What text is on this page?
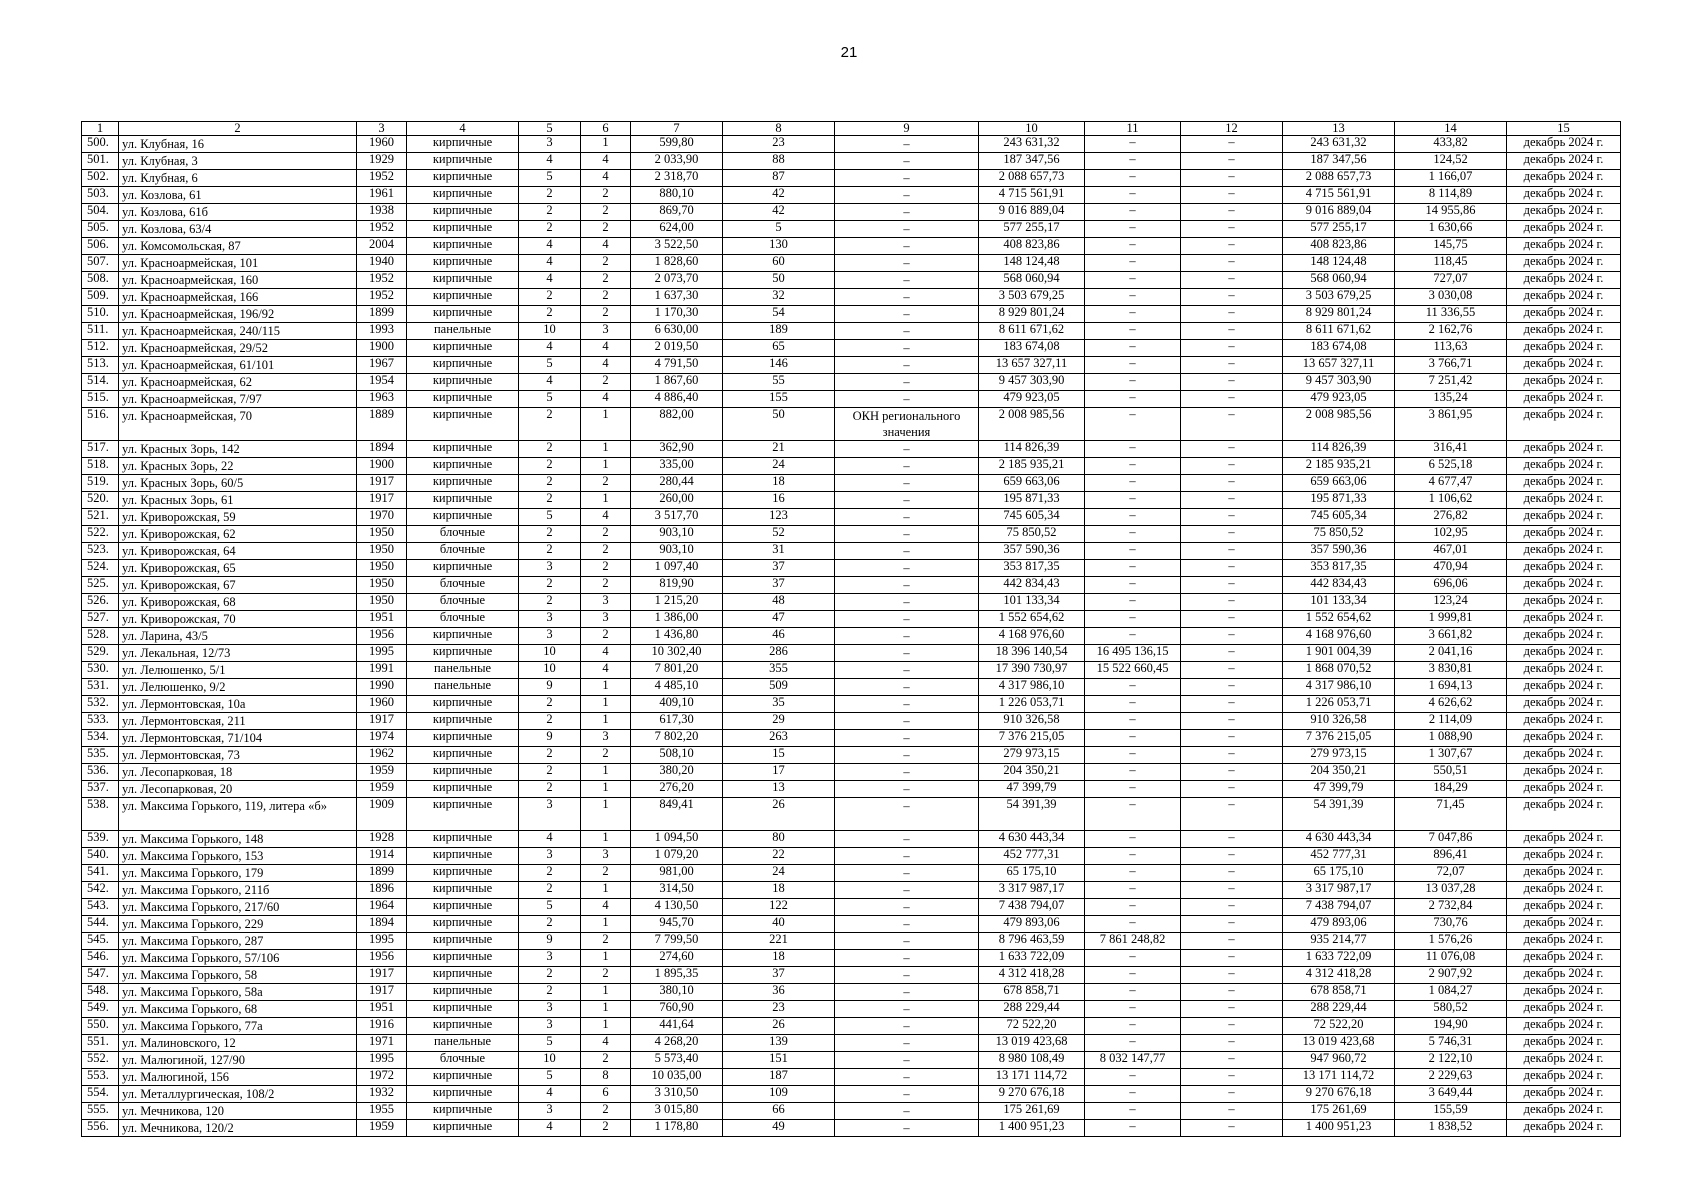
21
1	2	3	4	5	6	7	8	9	10	11	12	13	14	15
500.	ул. Клубная, 16	1960	кирпичные	3	1	599,80	23	–	243 631,32	–	–	243 631,32	433,82	декабрь 2024 г.
501.	ул. Клубная, 3	1929	кирпичные	4	4	2 033,90	88	–	187 347,56	–	–	187 347,56	124,52	декабрь 2024 г.
502.	ул. Клубная, 6	1952	кирпичные	5	4	2 318,70	87	–	2 088 657,73	–	–	2 088 657,73	1 166,07	декабрь 2024 г.
503.	ул. Козлова, 61	1961	кирпичные	2	2	880,10	42	–	4 715 561,91	–	–	4 715 561,91	8 114,89	декабрь 2024 г.
504.	ул. Козлова, 61б	1938	кирпичные	2	2	869,70	42	–	9 016 889,04	–	–	9 016 889,04	14 955,86	декабрь 2024 г.
505.	ул. Козлова, 63/4	1952	кирпичные	2	2	624,00	5	–	577 255,17	–	–	577 255,17	1 630,66	декабрь 2024 г.
506.	ул. Комсомольская, 87	2004	кирпичные	4	4	3 522,50	130	–	408 823,86	–	–	408 823,86	145,75	декабрь 2024 г.
507.	ул. Красноармейская, 101	1940	кирпичные	4	2	1 828,60	60	–	148 124,48	–	–	148 124,48	118,45	декабрь 2024 г.
508.	ул. Красноармейская, 160	1952	кирпичные	4	2	2 073,70	50	–	568 060,94	–	–	568 060,94	727,07	декабрь 2024 г.
509.	ул. Красноармейская, 166	1952	кирпичные	2	2	1 637,30	32	–	3 503 679,25	–	–	3 503 679,25	3 030,08	декабрь 2024 г.
510.	ул. Красноармейская, 196/92	1899	кирпичные	2	2	1 170,30	54	–	8 929 801,24	–	–	8 929 801,24	11 336,55	декабрь 2024 г.
511.	ул. Красноармейская, 240/115	1993	панельные	10	3	6 630,00	189	–	8 611 671,62	–	–	8 611 671,62	2 162,76	декабрь 2024 г.
512.	ул. Красноармейская, 29/52	1900	кирпичные	4	4	2 019,50	65	–	183 674,08	–	–	183 674,08	113,63	декабрь 2024 г.
513.	ул. Красноармейская, 61/101	1967	кирпичные	5	4	4 791,50	146	–	13 657 327,11	–	–	13 657 327,11	3 766,71	декабрь 2024 г.
514.	ул. Красноармейская, 62	1954	кирпичные	4	2	1 867,60	55	–	9 457 303,90	–	–	9 457 303,90	7 251,42	декабрь 2024 г.
515.	ул. Красноармейская, 7/97	1963	кирпичные	5	4	4 886,40	155	–	479 923,05	–	–	479 923,05	135,24	декабрь 2024 г.
516.	ул. Красноармейская, 70	1889	кирпичные	2	1	882,00	50	ОКН регионального значения	2 008 985,56	–	–	2 008 985,56	3 861,95	декабрь 2024 г.
517.	ул. Красных Зорь, 142	1894	кирпичные	2	1	362,90	21	–	114 826,39	–	–	114 826,39	316,41	декабрь 2024 г.
518.	ул. Красных Зорь, 22	1900	кирпичные	2	1	335,00	24	–	2 185 935,21	–	–	2 185 935,21	6 525,18	декабрь 2024 г.
519.	ул. Красных Зорь, 60/5	1917	кирпичные	2	2	280,44	18	–	659 663,06	–	–	659 663,06	4 677,47	декабрь 2024 г.
520.	ул. Красных Зорь, 61	1917	кирпичные	2	1	260,00	16	–	195 871,33	–	–	195 871,33	1 106,62	декабрь 2024 г.
521.	ул. Криворожская, 59	1970	кирпичные	5	4	3 517,70	123	–	745 605,34	–	–	745 605,34	276,82	декабрь 2024 г.
522.	ул. Криворожская, 62	1950	блочные	2	2	903,10	52	–	75 850,52	–	–	75 850,52	102,95	декабрь 2024 г.
523.	ул. Криворожская, 64	1950	блочные	2	2	903,10	31	–	357 590,36	–	–	357 590,36	467,01	декабрь 2024 г.
524.	ул. Криворожская, 65	1950	кирпичные	3	2	1 097,40	37	–	353 817,35	–	–	353 817,35	470,94	декабрь 2024 г.
525.	ул. Криворожская, 67	1950	блочные	2	2	819,90	37	–	442 834,43	–	–	442 834,43	696,06	декабрь 2024 г.
526.	ул. Криворожская, 68	1950	блочные	2	3	1 215,20	48	–	101 133,34	–	–	101 133,34	123,24	декабрь 2024 г.
527.	ул. Криворожская, 70	1951	блочные	3	3	1 386,00	47	–	1 552 654,62	–	–	1 552 654,62	1 999,81	декабрь 2024 г.
528.	ул. Ларина, 43/5	1956	кирпичные	3	2	1 436,80	46	–	4 168 976,60	–	–	4 168 976,60	3 661,82	декабрь 2024 г.
529.	ул. Лекальная, 12/73	1995	кирпичные	10	4	10 302,40	286	–	18 396 140,54	16 495 136,15	–	1 901 004,39	2 041,16	декабрь 2024 г.
530.	ул. Лелюшенко, 5/1	1991	панельные	10	4	7 801,20	355	–	17 390 730,97	15 522 660,45	–	1 868 070,52	3 830,81	декабрь 2024 г.
531.	ул. Лелюшенко, 9/2	1990	панельные	9	1	4 485,10	509	–	4 317 986,10	–	–	4 317 986,10	1 694,13	декабрь 2024 г.
532.	ул. Лермонтовская, 10а	1960	кирпичные	2	1	409,10	35	–	1 226 053,71	–	–	1 226 053,71	4 626,62	декабрь 2024 г.
533.	ул. Лермонтовская, 211	1917	кирпичные	2	1	617,30	29	–	910 326,58	–	–	910 326,58	2 114,09	декабрь 2024 г.
534.	ул. Лермонтовская, 71/104	1974	кирпичные	9	3	7 802,20	263	–	7 376 215,05	–	–	7 376 215,05	1 088,90	декабрь 2024 г.
535.	ул. Лермонтовская, 73	1962	кирпичные	2	2	508,10	15	–	279 973,15	–	–	279 973,15	1 307,67	декабрь 2024 г.
536.	ул. Лесопарковая, 18	1959	кирпичные	2	1	380,20	17	–	204 350,21	–	–	204 350,21	550,51	декабрь 2024 г.
537.	ул. Лесопарковая, 20	1959	кирпичные	2	1	276,20	13	–	47 399,79	–	–	47 399,79	184,29	декабрь 2024 г.
538.	ул. Максима Горького, 119, литера «б»	1909	кирпичные	3	1	849,41	26	–	54 391,39	–	–	54 391,39	71,45	декабрь 2024 г.
539.	ул. Максима Горького, 148	1928	кирпичные	4	1	1 094,50	80	–	4 630 443,34	–	–	4 630 443,34	7 047,86	декабрь 2024 г.
540.	ул. Максима Горького, 153	1914	кирпичные	3	3	1 079,20	22	–	452 777,31	–	–	452 777,31	896,41	декабрь 2024 г.
541.	ул. Максима Горького, 179	1899	кирпичные	2	2	981,00	24	–	65 175,10	–	–	65 175,10	72,07	декабрь 2024 г.
542.	ул. Максима Горького, 211б	1896	кирпичные	2	1	314,50	18	–	3 317 987,17	–	–	3 317 987,17	13 037,28	декабрь 2024 г.
543.	ул. Максима Горького, 217/60	1964	кирпичные	5	4	4 130,50	122	–	7 438 794,07	–	–	7 438 794,07	2 732,84	декабрь 2024 г.
544.	ул. Максима Горького, 229	1894	кирпичные	2	1	945,70	40	–	479 893,06	–	–	479 893,06	730,76	декабрь 2024 г.
545.	ул. Максима Горького, 287	1995	кирпичные	9	2	7 799,50	221	–	8 796 463,59	7 861 248,82	–	935 214,77	1 576,26	декабрь 2024 г.
546.	ул. Максима Горького, 57/106	1956	кирпичные	3	1	274,60	18	–	1 633 722,09	–	–	1 633 722,09	11 076,08	декабрь 2024 г.
547.	ул. Максима Горького, 58	1917	кирпичные	2	2	1 895,35	37	–	4 312 418,28	–	–	4 312 418,28	2 907,92	декабрь 2024 г.
548.	ул. Максима Горького, 58а	1917	кирпичные	2	1	380,10	36	–	678 858,71	–	–	678 858,71	1 084,27	декабрь 2024 г.
549.	ул. Максима Горького, 68	1951	кирпичные	3	1	760,90	23	–	288 229,44	–	–	288 229,44	580,52	декабрь 2024 г.
550.	ул. Максима Горького, 77а	1916	кирпичные	3	1	441,64	26	–	72 522,20	–	–	72 522,20	194,90	декабрь 2024 г.
551.	ул. Малиновского, 12	1971	панельные	5	4	4 268,20	139	–	13 019 423,68	–	–	13 019 423,68	5 746,31	декабрь 2024 г.
552.	ул. Малюгиной, 127/90	1995	блочные	10	2	5 573,40	151	–	8 980 108,49	8 032 147,77	–	947 960,72	2 122,10	декабрь 2024 г.
553.	ул. Малюгиной, 156	1972	кирпичные	5	8	10 035,00	187	–	13 171 114,72	–	–	13 171 114,72	2 229,63	декабрь 2024 г.
554.	ул. Металлургическая, 108/2	1932	кирпичные	4	6	3 310,50	109	–	9 270 676,18	–	–	9 270 676,18	3 649,44	декабрь 2024 г.
555.	ул. Мечникова, 120	1955	кирпичные	3	2	3 015,80	66	–	175 261,69	–	–	175 261,69	155,59	декабрь 2024 г.
556.	ул. Мечникова, 120/2	1959	кирпичные	4	2	1 178,80	49	–	1 400 951,23	–	–	1 400 951,23	1 838,52	декабрь 2024 г.
